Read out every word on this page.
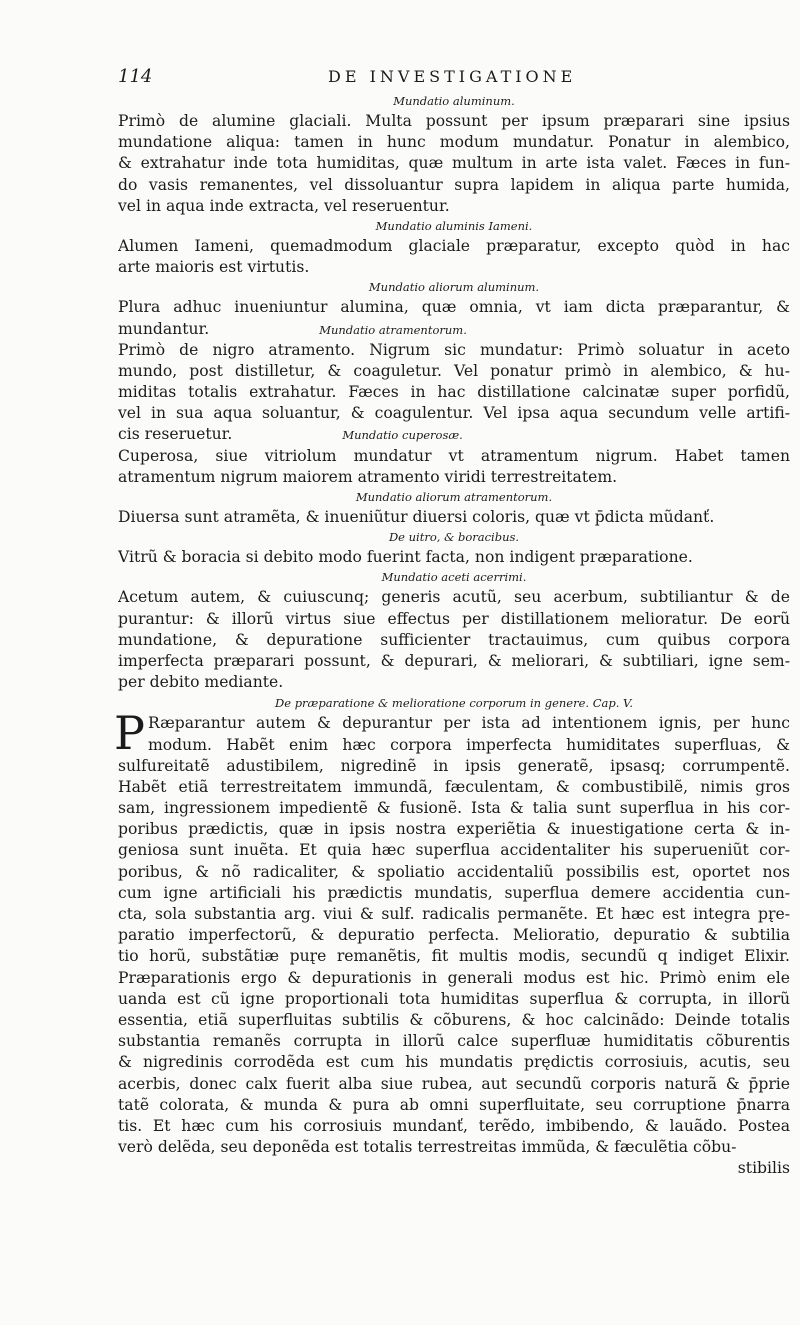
114	DE INVESTIGATIONE
Mundatio aluminum.
Primò de alumine glaciali. Multa possunt per ipsum præparari sine ipsius
mundatione aliqua: tamen in hunc modum mundatur. Ponatur in alembico,
& extrahatur inde tota humiditas, quæ multum in arte ista valet. Fæces in fun-
do vasis remanentes, vel dissoluantur supra lapidem in aliqua parte humida,
vel in aqua inde extracta, vel reseruentur.
Mundatio aluminis Iameni.
Alumen Iameni, quemadmodum glaciale præparatur, excepto quòd in hac
arte maioris est virtutis.
Mundatio aliorum aluminum.
Plura adhuc inueniuntur alumina, quæ omnia, vt iam dicta præparantur, &
mundantur.	Mundatio atramentorum.
Primò de nigro atramento. Nigrum sic mundatur: Primò soluatur in aceto
mundo, post distilletur, & coaguletur. Vel ponatur primò in alembico, & hu-
miditas totalis extrahatur. Fæces in hac distillatione calcinatæ super porfidũ,
vel in sua aqua soluantur, & coagulentur. Vel ipsa aqua secundum velle artifi-
cis reseruetur.	Mundatio cuperosæ.
Cuperosa, siue vitriolum mundatur vt atramentum nigrum. Habet tamen
atramentum nigrum maiorem atramento viridi terrestreitatem.
Mundatio aliorum atramentorum.
Diuersa sunt atramẽta, & inueniũtur diuersi coloris, quæ vt p̄dicta mũdanť.
De uitro, & boracibus.
Vitrũ & boracia si debito modo fuerint facta, non indigent præparatione.
Mundatio aceti acerrimi.
Acetum autem, & cuiuscunq; generis acutũ, seu acerbum, subtiliantur & de
purantur: & illorũ virtus siue effectus per distillationem melioratur. De eorũ
mundatione, & depuratione sufficienter tractauimus, cum quibus corpora
imperfecta præparari possunt, & depurari, & meliorari, & subtiliari, igne sem-
per debito mediante.
De præparatione & melioratione corporum in genere. Cap. V.
P Ræparantur autem & depurantur per ista ad intentionem ignis, per hunc
modum. Habẽt enim hæc corpora imperfecta humiditates superfluas, &
sulfureitatẽ adustibilem, nigredinẽ in ipsis generatẽ, ipsasq; corrumpentẽ.
Habẽt etiã terrestreitatem immundã, fæculentam, & combustibilẽ, nimis gros
sam, ingressionem impedientẽ & fusionẽ. Ista & talia sunt superflua in his cor-
poribus prædictis, quæ in ipsis nostra experiẽtia & inuestigatione certa & in-
geniosa sunt inuẽta. Et quia hæc superflua accidentaliter his superueniũt cor-
poribus, & nõ radicaliter, & spoliatio accidentaliũ possibilis est, oportet nos
cum igne artificiali his prædictis mundatis, superflua demere accidentia cun-
cta, sola substantia arg. viui & sulf. radicalis permanẽte. Et hæc est integra pr̨e-
paratio imperfectorũ, & depuratio perfecta. Melioratio, depuratio & subtilia
tio horũ, substãtiæ pur̨e remanẽtis, fit multis modis, secundũ q indiget Elixir.
Præparationis ergo & depurationis in generali modus est hic. Primò enim ele
uanda est cũ igne proportionali tota humiditas superflua & corrupta, in illorũ
essentia, etiã superfluitas subtilis & cõburens, & hoc calcinãdo: Deinde totalis
substantia remanẽs corrupta in illorũ calce superfluæ humiditatis cõburentis
& nigredinis corrodẽda est cum his mundatis prędictis corrosiuis, acutis, seu
acerbis, donec calx fuerit alba siue rubea, aut secundũ corporis naturã & p̄prie
tatẽ colorata, & munda & pura ab omni superfluitate, seu corruptione p̄narra
tis. Et hæc cum his corrosiuis mundanť, terẽdo, imbibendo, & lauãdo. Postea
verò delẽda, seu deponẽda est totalis terrestreitas immũda, & fæculẽtia cõbu-
stibilis
